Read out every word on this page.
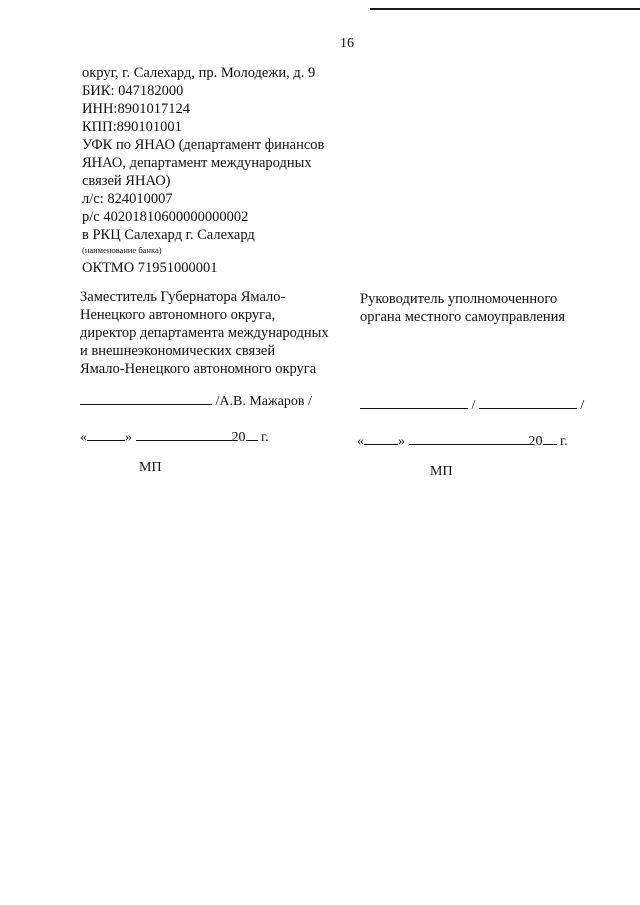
16
округ, г. Салехард, пр. Молодежи, д. 9
БИК: 047182000
ИНН:8901017124
КПП:890101001
УФК по ЯНАО (департамент финансов
ЯНАО, департамент международных
связей ЯНАО)
л/с: 824010007
р/с 40201810600000000002
в РКЦ Салехард г. Салехард
(наименование банка)
ОКТМО 71951000001
Заместитель Губернатора Ямало-
Ненецкого автономного округа,
директор департамента международных
и внешнеэкономических связей
Ямало-Ненецкого автономного округа
Руководитель уполномоченного
органа местного самоуправления
/А.В. Мажаров /	/	/
«	»	20 г.	« »	20 г.
МП	МП
